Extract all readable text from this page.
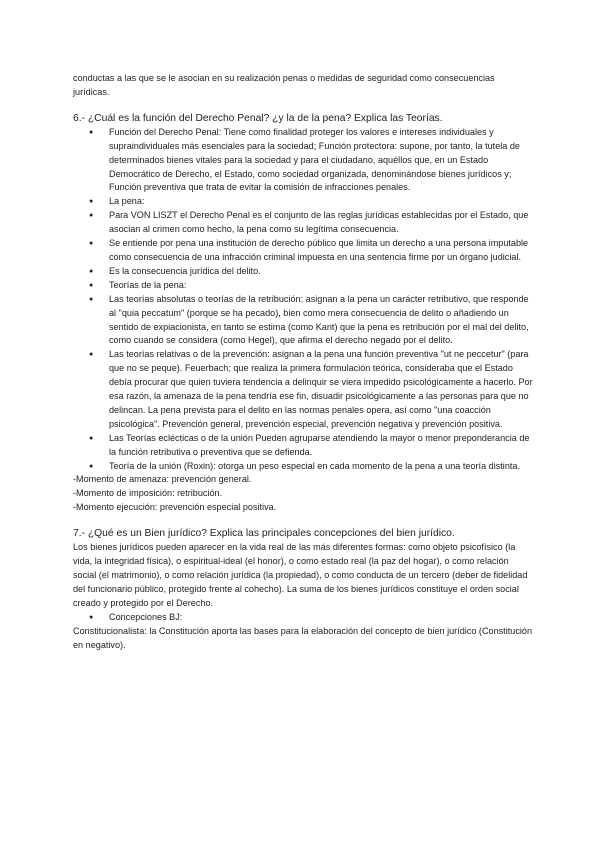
conductas a las que se le asocian en su realización penas o medidas de seguridad como consecuencias jurídicas.

6.- ¿Cuál es la función del Derecho Penal? ¿y la de la pena? Explica las Teorías.

● Función del Derecho Penal: Tiene como finalidad proteger los valores e intereses individuales y supraindividuales más esenciales para la sociedad; Función protectora: supone, por tanto, la tutela de determinados bienes vitales para la sociedad y para el ciudadano, aquéllos que, en un Estado Democrático de Derecho, el Estado, como sociedad organizada, denominándose bienes jurídicos y; Función preventiva que trata de evitar la comisión de infracciones penales.
● La pena:
● Para VON LISZT el Derecho Penal es el conjunto de las reglas jurídicas establecidas por el Estado, que asocian al crimen como hecho, la pena como su legítima consecuencia.
● Se entiende por pena una institución de derecho público que limita un derecho a una persona imputable como consecuencia de una infracción criminal impuesta en una sentencia firme por un órgano judicial.
● Es la consecuencia jurídica del delito.
● Teorías de la pena:
● Las teorías absolutas o teorías de la retribución: asignan a la pena un carácter retributivo, que responde al "quia peccatum" (porque se ha pecado), bien como mera consecuencia de delito o añadiendo un sentido de expiacionista, en tanto se estima (como Kant) que la pena es retribución por el mal del delito, como cuando se considera (como Hegel), que afirma el derecho negado por el delito.
● Las teorías relativas o de la prevención: asignan a la pena una función preventiva "ut ne peccetur" (para que no se peque). Feuerbach; que realiza la primera formulación teórica, consideraba que el Estado debía procurar que quien tuviera tendencia a delinquir se viera impedido psicológicamente a hacerlo. Por esa razón, la amenaza de la pena tendría ese fin, disuadir psicológicamente a las personas para que no delincan. La pena prevista para el delito en las normas penales opera, así como "una coacción psicológica". Prevención general, prevención especial, prevención negativa y prevención positiva.
● Las Teorías eclécticas o de la unión Pueden agruparse atendiendo la mayor o menor preponderancia de la función retributiva o preventiva que se defienda.
● Teoría de la unión (Roxin): otorga un peso especial en cada momento de la pena a una teoría distinta.

-Momento de amenaza: prevención general.

-Momento de imposición: retribución.

-Momento ejecución: prevención especial positiva.

7.- ¿Qué es un Bien jurídico? Explica las principales concepciones del bien jurídico.

Los bienes jurídicos pueden aparecer en la vida real de las más diferentes formas: como objeto psicofísico (la vida, la integridad física), o espiritual-ideal (el honor), o como estado real (la paz del hogar), o como relación social (el matrimonio), o como relación jurídica (la propiedad), o como conducta de un tercero (deber de fidelidad del funcionario público, protegido frente al cohecho). La suma de los bienes jurídicos constituye el orden social creado y protegido por el Derecho.

● Concepciones BJ:

Constitucionalista: la Constitución aporta las bases para la elaboración del concepto de bien jurídico (Constitución en negativo).
